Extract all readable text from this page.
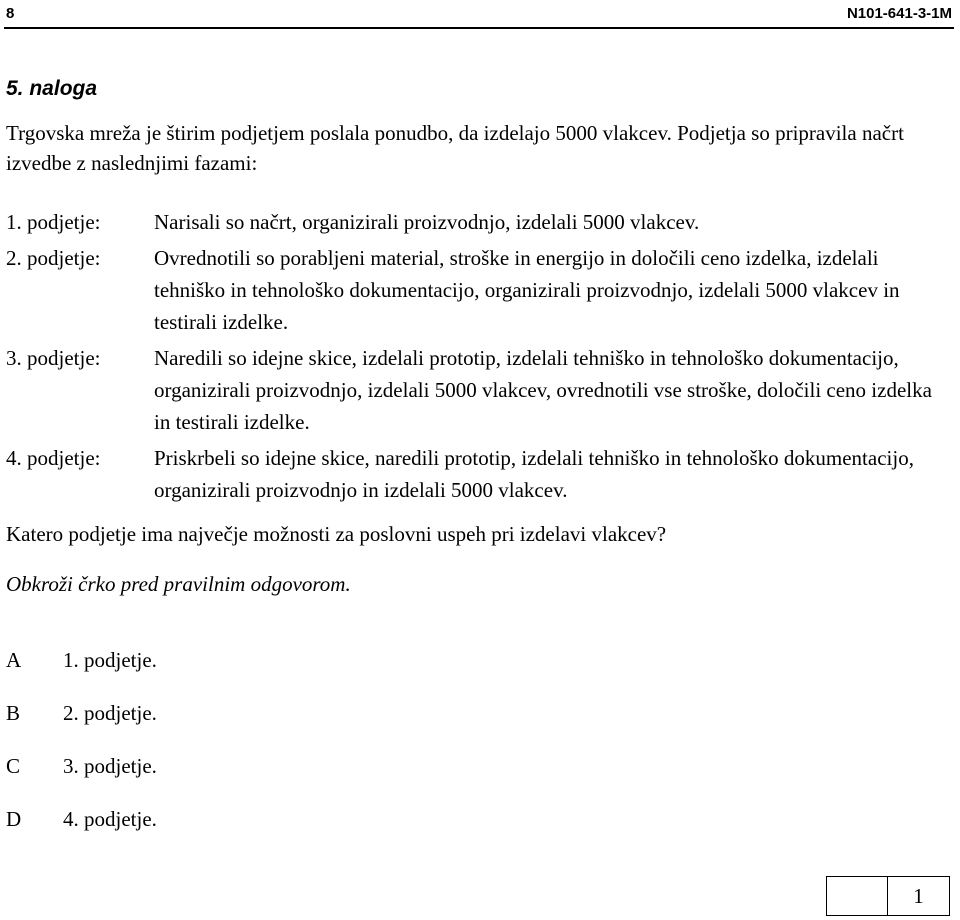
8	N101-641-3-1M
5. naloga
Trgovska mreža je štirim podjetjem poslala ponudbo, da izdelajo 5000 vlakcev. Podjetja so pripravila načrt izvedbe z naslednjimi fazami:
1. podjetje:	Narisali so načrt, organizirali proizvodnjo, izdelali 5000 vlakcev.
2. podjetje:	Ovrednotili so porabljeni material, stroške in energijo in določili ceno izdelka, izdelali tehniško in tehnološko dokumentacijo, organizirali proizvodnjo, izdelali 5000 vlakcev in testirali izdelke.
3. podjetje:	Naredili so idejne skice, izdelali prototip, izdelali tehniško in tehnološko dokumentacijo, organizirali proizvodnjo, izdelali 5000 vlakcev, ovrednotili vse stroške, določili ceno izdelka in testirali izdelke.
4. podjetje:	Priskrbeli so idejne skice, naredili prototip, izdelali tehniško in tehnološko dokumentacijo, organizirali proizvodnjo in izdelali 5000 vlakcev.
Katero podjetje ima največje možnosti za poslovni uspeh pri izdelavi vlakcev?
Obkroži črko pred pravilnim odgovorom.
A	1. podjetje.
B	2. podjetje.
C	3. podjetje.
D	4. podjetje.
1
